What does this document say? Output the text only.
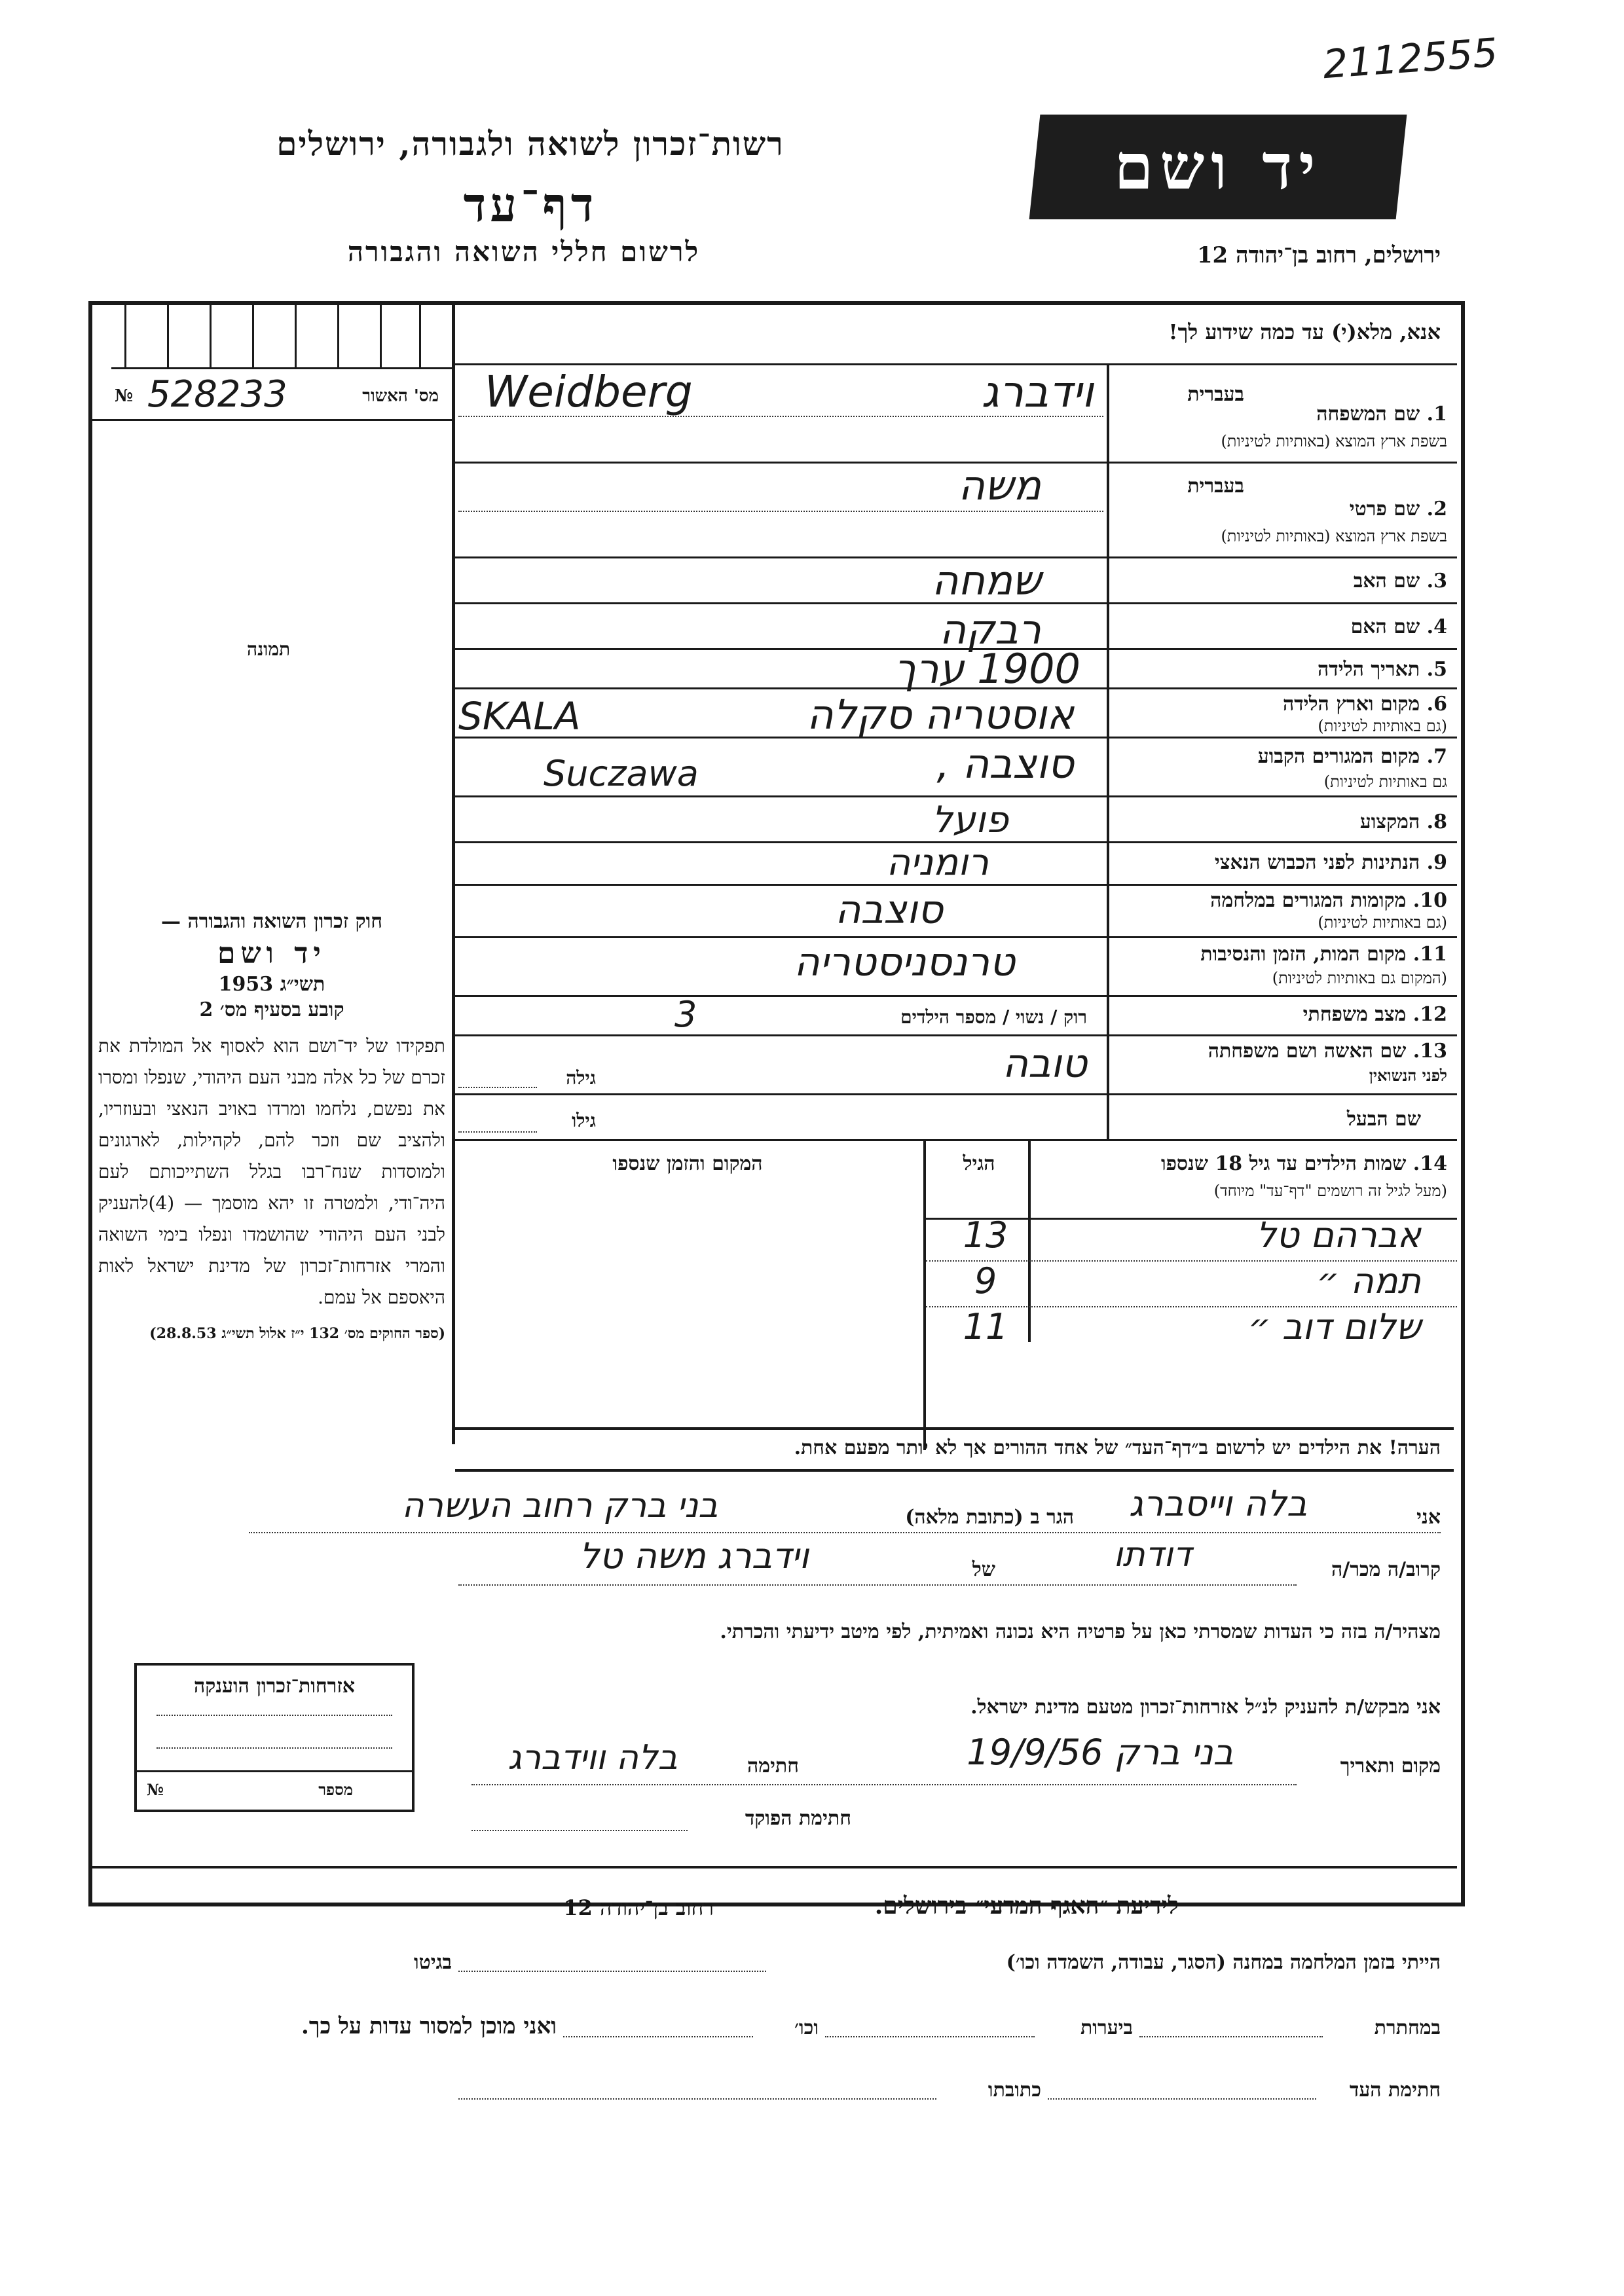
2112555
רשות־זכרון לשואה ולגבורה, ירושלים
דף־עד
לרשום חללי השואה והגבורה
יד ושם
ירושלים, רחוב בן־יהודה 12
אנא, מלא(י) עד כמה שידוע לך!
№ 528233	מס' האשור
תמונה
חוק זכרון השואה והגבורה —
יד ושם
תשי״ג 1953
קובע בסעיף מס׳ 2
תפקידו של יד־ושם הוא לאסוף אל המולדת את זכרם של כל אלה מבני העם היהודי, שנפלו ומסרו את נפשם, נלחמו ומרדו באויב הנאצי ובעוזריו, ולהציב שם וזכר להם, לקהילות, לארגונים ולמוסדות שנח־רבו בגלל השתייכותם לעם היה־ודי, ולמטרה זו יהא מוסמך — (4)להעניק לבני העם היהודי שהושמדו ונפלו בימי השואה והמרי אזרחות־זכרון של מדינת ישראל לאות היאספם אל עמם.
(ספר החוקים מס׳ 132 י״ז אלול תשי״ג 28.8.53)
בעברית
1. שם המשפחה
בשפת ארץ המוצא (באותיות לטיניות)
Weidberg	וידברג
בעברית
2. שם פרטי
בשפת ארץ המוצא (באותיות לטיניות)
משה
3. שם האב
שמחה
4. שם האם
רבקה
5. תאריך הלידה
1900 ערך
6. מקום וארץ הלידה
(גם באותיות לטיניות)
SKALA	אוסטריה סקלה
7. מקום המגורים הקבוע
גם באותיות לטיניות)
Suczawa	סוצבה ,
8. המקצוע
פועל
9. הנתינות לפני הכבוש הנאצי
רומניה
10. מקומות המגורים במלחמה
(גם באותיות לטיניות)
סוצבה
11. מקום המות, הזמן והנסיבות
(המקום גם באותיות לטיניות)
טרנסניסטריה
12. מצב משפחתי
רוק / נשוי / מספר הילדים
3
13. שם האשה ושם משפחתה
לפני הנשואין
טובה
גילה
שם הבעל
גילו
14. שמות הילדים עד גיל 18 שנספו
(מעל לגיל זה רושמים "דף־עד" מיוחד)
הגיל
המקום והזמן שנספו
אברהם טל
13
תמה ״
9
שלום דוב ״
11
הערה! את הילדים יש לרשום ב״דף־העד״ של אחד ההורים אך לא יותר מפעם אחת.
אני
בלה וייסברג
הגר ב (כתובת מלאה)
בני ברק רחוב העשרה
קרוב/ה מכר/ה
דודתו
של
וידברג משה טל
מצהיר/ה בזה כי העדות שמסרתי כאן על פרטיה היא נכונה ואמיתית, לפי מיטב ידיעתי והכרתי.
אני מבקש/ת להעניק לנ״ל אזרחות־זכרון מטעם מדינת ישראל.
מקום ותאריך
בני ברק 19/9/56
חתימה
בלה ווידברג
חתימת הפוקד
אזרחות־זכרון הוענקה
№	מספר
לידיעת ״האגף המדעי״ בירושלים.
רחוב בן־יהודה 12
הייתי בזמן המלחמה במחנה (הסגר, עבודה, השמדה וכו׳)
בגיטו
במחתרת
ביערות
וכו׳
ואני מוכן למסור עדות על כך.
חתימת העד
כתובתו
